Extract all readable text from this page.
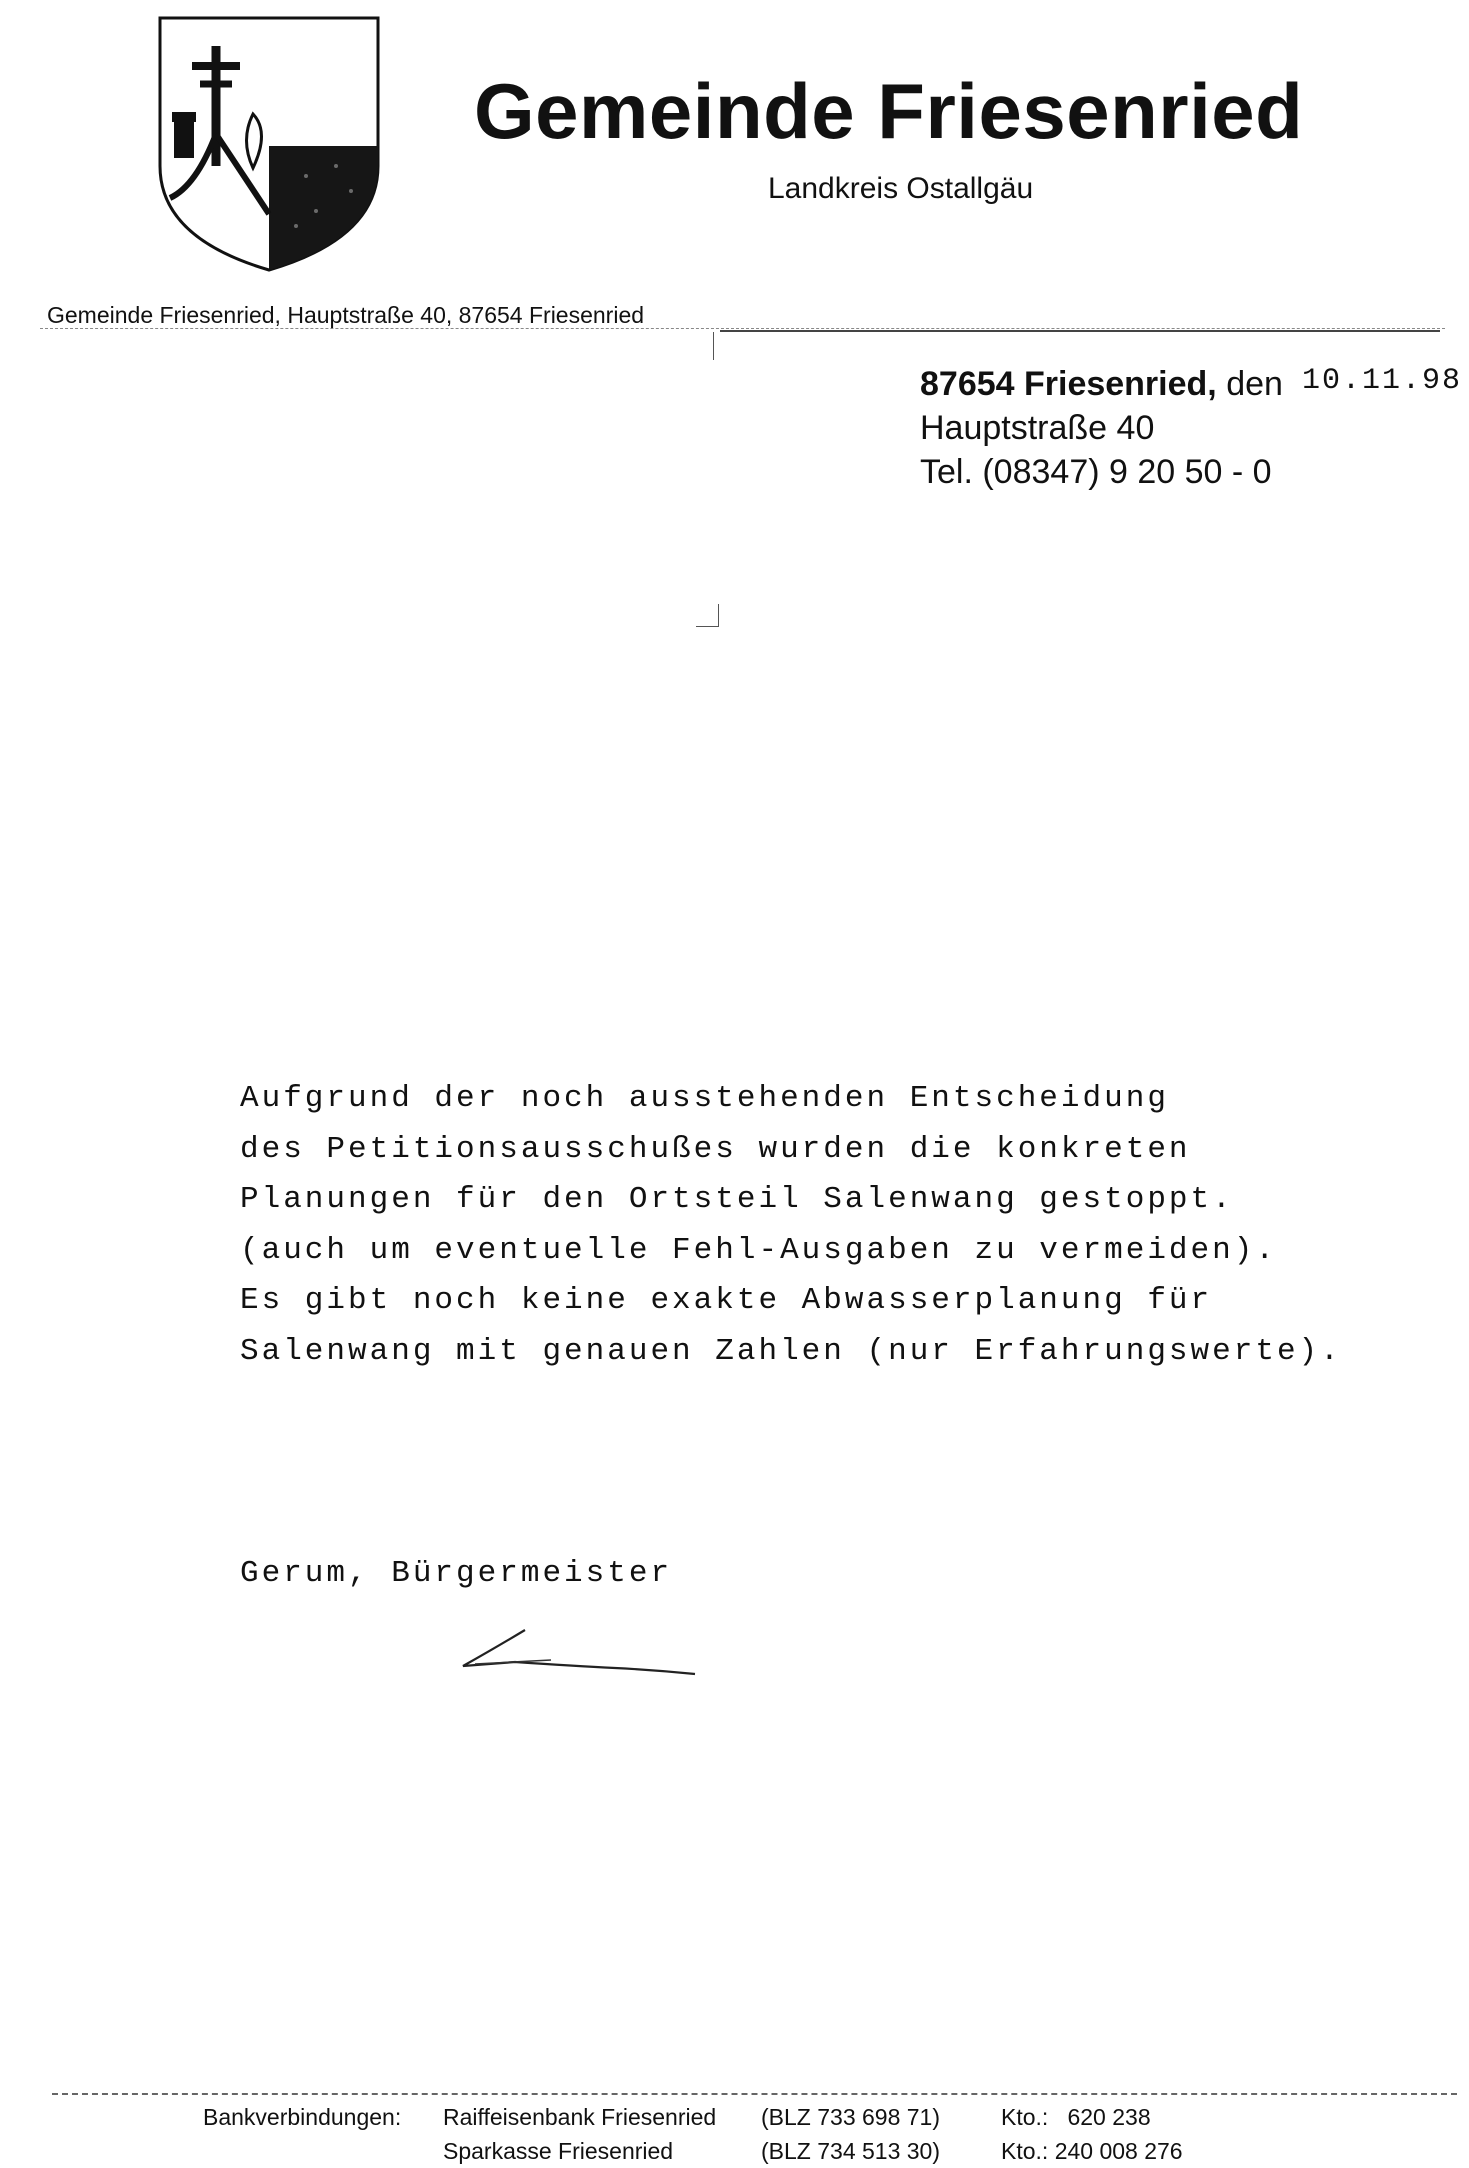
Gemeinde Friesenried
Landkreis Ostallgäu
Gemeinde Friesenried, Hauptstraße 40, 87654 Friesenried
87654 Friesenried, den
Hauptstraße 40
Tel. (08347) 9 20 50 - 0
10.11.98
Aufgrund der noch ausstehenden Entscheidung
des Petitionsausschußes wurden die konkreten
Planungen für den Ortsteil Salenwang gestoppt.
(auch um eventuelle Fehl-Ausgaben zu vermeiden).
Es gibt noch keine exakte Abwasserplanung für
Salenwang mit genauen Zahlen (nur Erfahrungswerte).
Gerum, Bürgermeister
Bankverbindungen:	Raiffeisenbank Friesenried	(BLZ 733 698 71)	Kto.:   620 238
Sparkasse Friesenried	(BLZ 734 513 30)	Kto.: 240 008 276
